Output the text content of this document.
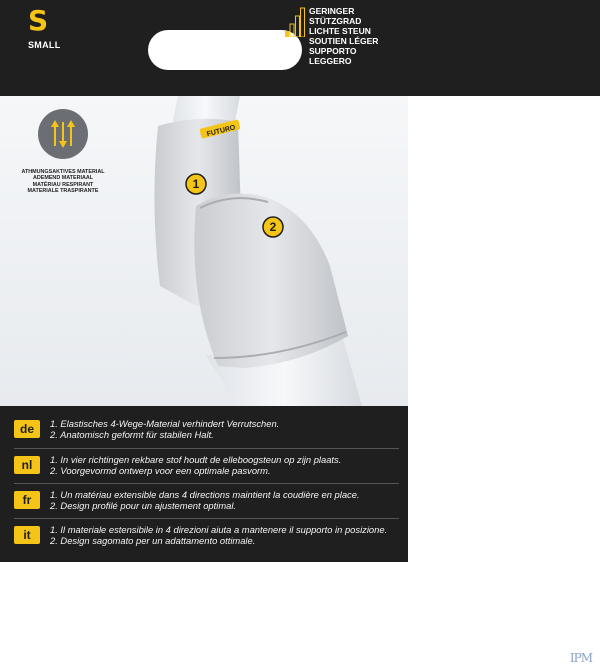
S
SMALL
GERINGER
STÜTZGRAD
LICHTE STEUN
SOUTIEN LÉGER
SUPPORTO
LEGGERO
FUTURO
1
2
ATHMUNGSAKTIVES MATERIAL
ADEMEND MATERIAAL
MATÉRIAU RESPIRANT
MATERIALE TRASPIRANTE
de	1. Elastisches 4-Wege-Material verhindert Verrutschen.
2. Anatomisch geformt für stabilen Halt.
nl	1. In vier richtingen rekbare stof houdt de elleboogsteun op zijn plaats.
2. Voorgevormd ontwerp voor een optimale pasvorm.
fr	1. Un matériau extensible dans 4 directions maintient la coudière en place.
2. Design profilé pour un ajustement optimal.
it	1. Il materiale estensibile in 4 direzioni aiuta a mantenere il supporto in posizione.
2. Design sagomato per un adattamento ottimale.
IPM
